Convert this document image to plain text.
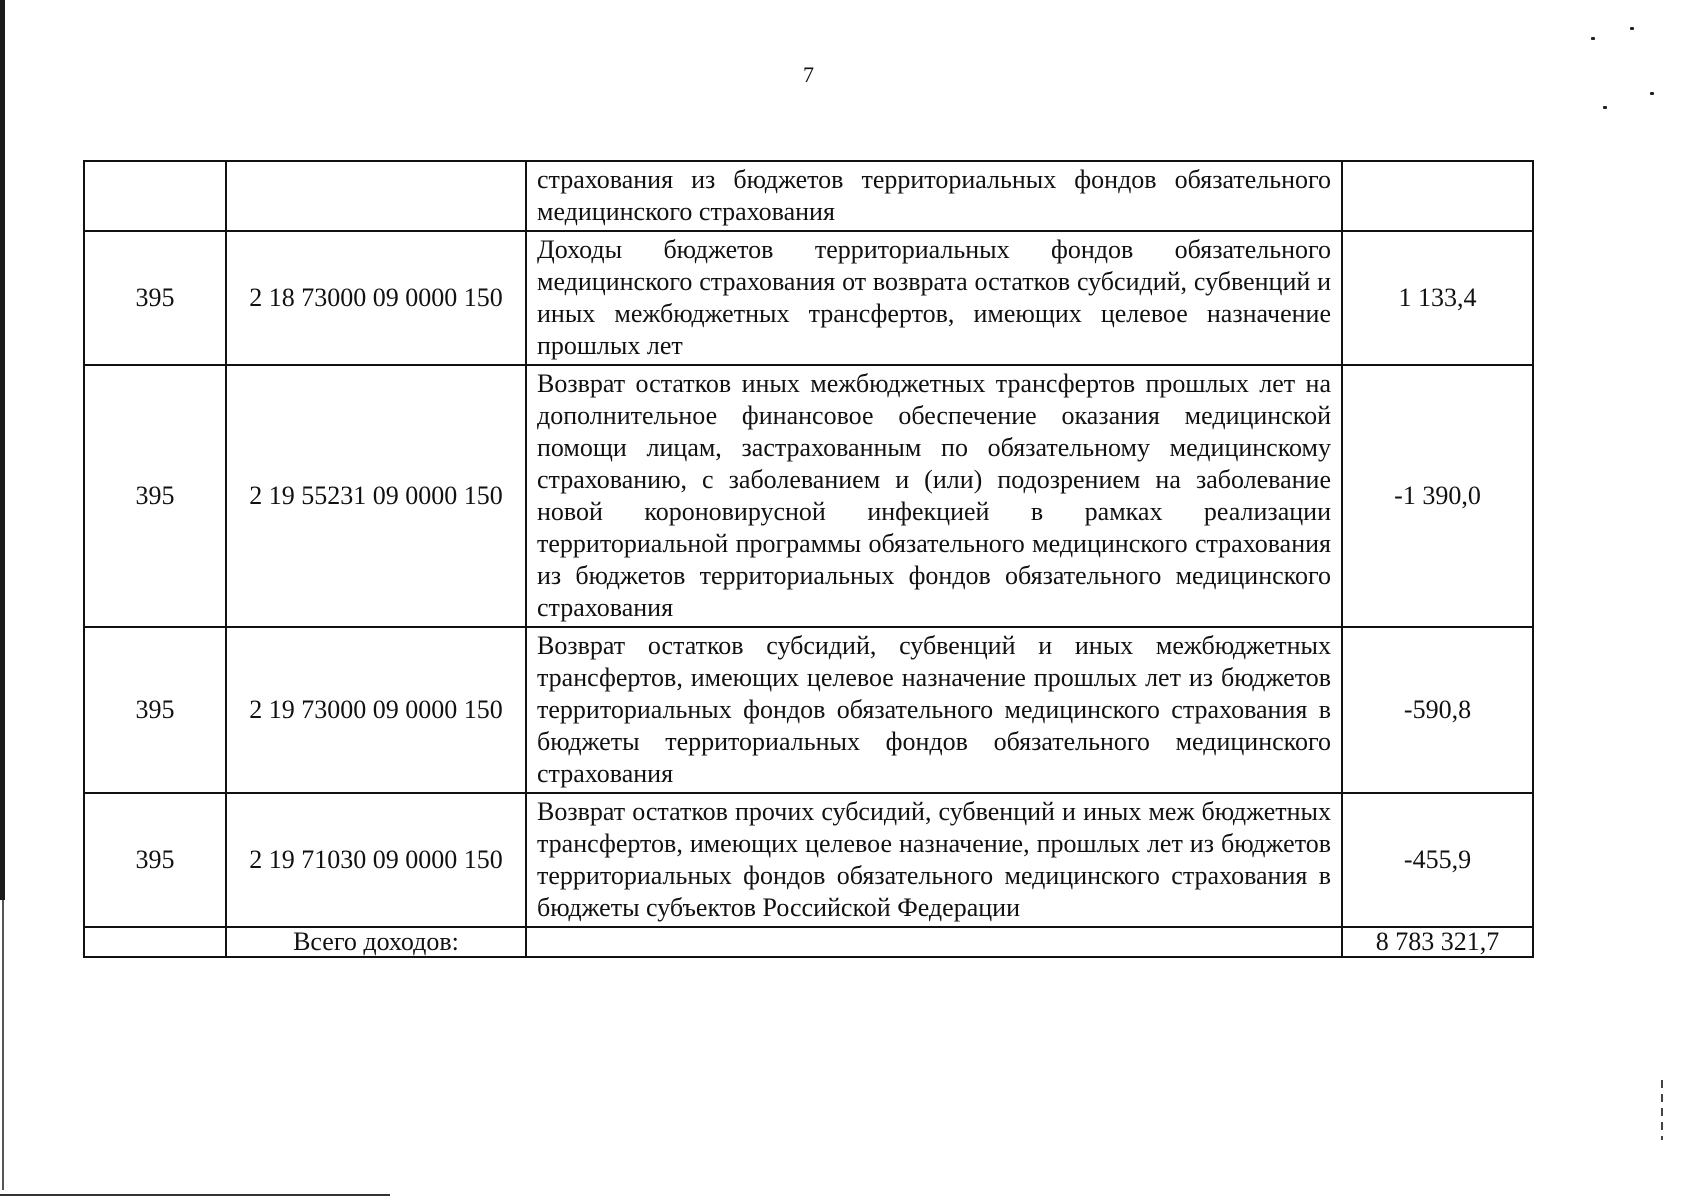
7
		страхования из бюджетов территориальных фондов обязательного медицинского страхования	
395	2 18 73000 09 0000 150	Доходы бюджетов территориальных фондов обязательного медицинского страхования от возврата остатков субсидий, субвенций и иных межбюджетных трансфертов, имеющих целевое назначение прошлых лет	1 133,4
395	2 19 55231 09 0000 150	Возврат остатков иных межбюджетных трансфертов прошлых лет на дополнительное финансовое обеспечение оказания медицинской помощи лицам, застрахованным по обязательному медицинскому страхованию, с заболеванием и (или) подозрением на заболевание новой короновирусной инфекцией в рамках реализации территориальной программы обязательного медицинского страхования из бюджетов территориальных фондов обязательного медицинского страхования	-1 390,0
395	2 19 73000 09 0000 150	Возврат остатков субсидий, субвенций и иных межбюджетных трансфертов, имеющих целевое назначение прошлых лет из бюджетов территориальных фондов обязательного медицинского страхования в бюджеты территориальных фондов обязательного медицинского страхования	-590,8
395	2 19 71030 09 0000 150	Возврат остатков прочих субсидий, субвенций и иных меж бюджетных трансфертов, имеющих целевое назначение, прошлых лет из бюджетов территориальных фондов обязательного медицинского страхования в бюджеты субъектов Российской Федерации	-455,9
	Всего доходов:		8 783 321,7
